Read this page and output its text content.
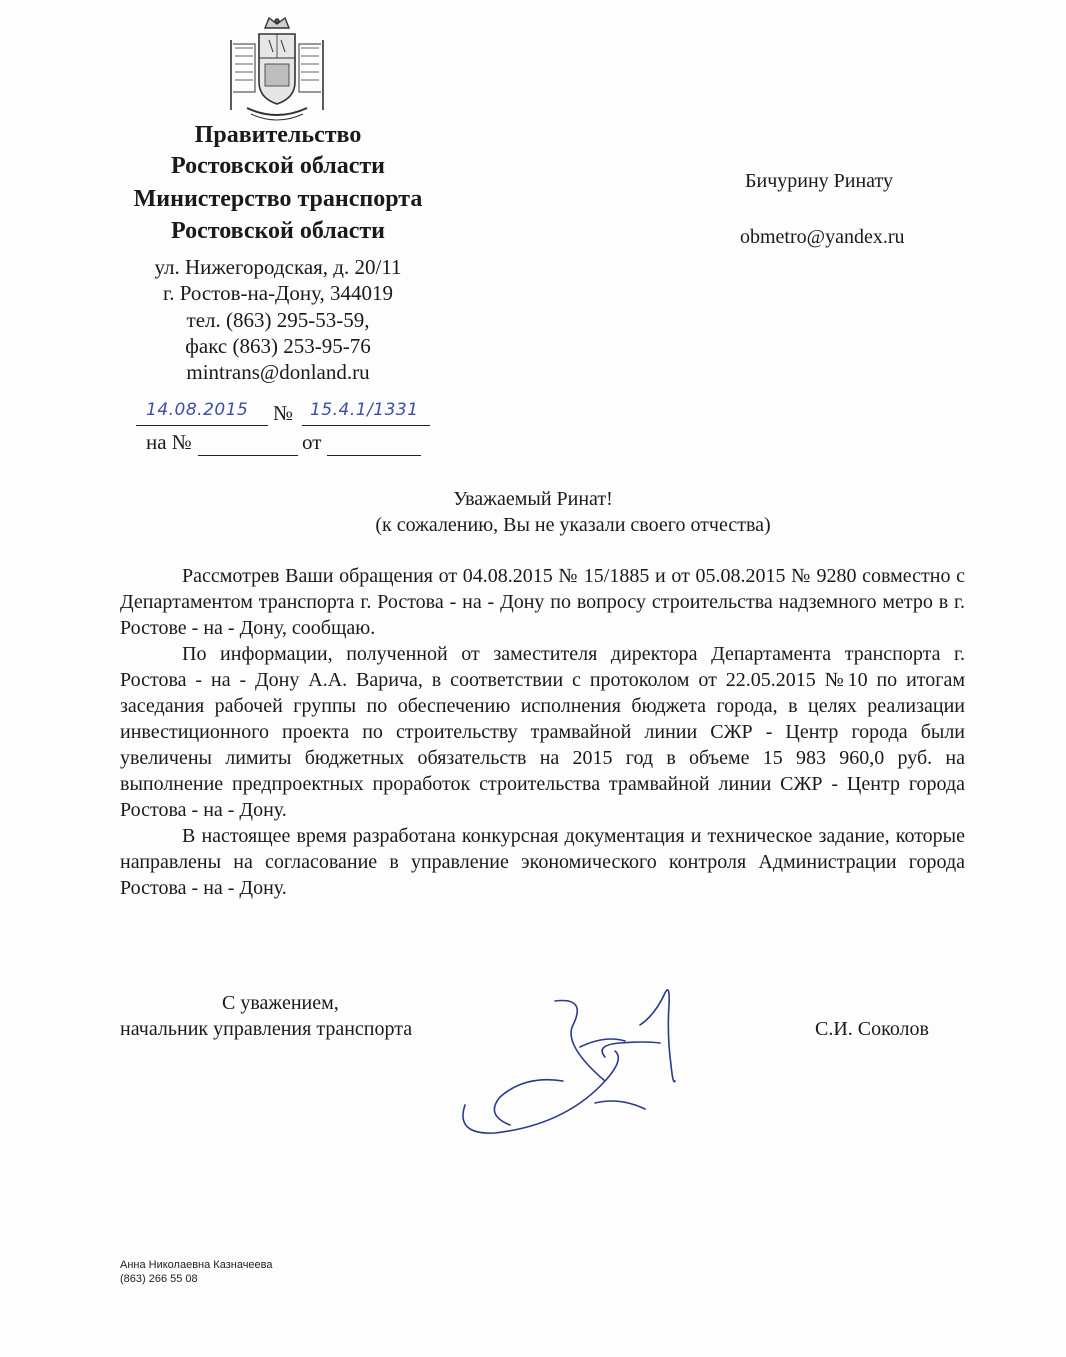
Правительство
Ростовской области
Министерство транспорта
Ростовской области
ул. Нижегородская, д. 20/11
г. Ростов-на-Дону, 344019
тел. (863) 295-53-59,
факс (863) 253-95-76
mintrans@donland.ru
14.08.2015 № 15.4.1/1331
на №	от
Бичурину Ринату
obmetro@yandex.ru
Уважаемый Ринат!
(к сожалению, Вы не указали своего отчества)

Рассмотрев Ваши обращения от 04.08.2015 № 15/1885 и от 05.08.2015 № 9280 совместно с Департаментом транспорта г. Ростова - на - Дону по вопросу строительства надземного метро в г. Ростове - на - Дону, сообщаю.

По информации, полученной от заместителя директора Департамента транспорта г. Ростова - на - Дону А.А. Варича, в соответствии с протоколом от 22.05.2015 №10 по итогам заседания рабочей группы по обеспечению исполнения бюджета города, в целях реализации инвестиционного проекта по строительству трамвайной линии СЖР - Центр города были увеличены лимиты бюджетных обязательств на 2015 год в объеме 15 983 960,0 руб. на выполнение предпроектных проработок строительства трамвайной линии СЖР - Центр города Ростова - на - Дону.

В настоящее время разработана конкурсная документация и техническое задание, которые направлены на согласование в управление экономического контроля Администрации города Ростова - на - Дону.

С уважением,
начальник управления транспорта	С.И. Соколов
Анна Николаевна Казначеева
(863) 266 55 08
